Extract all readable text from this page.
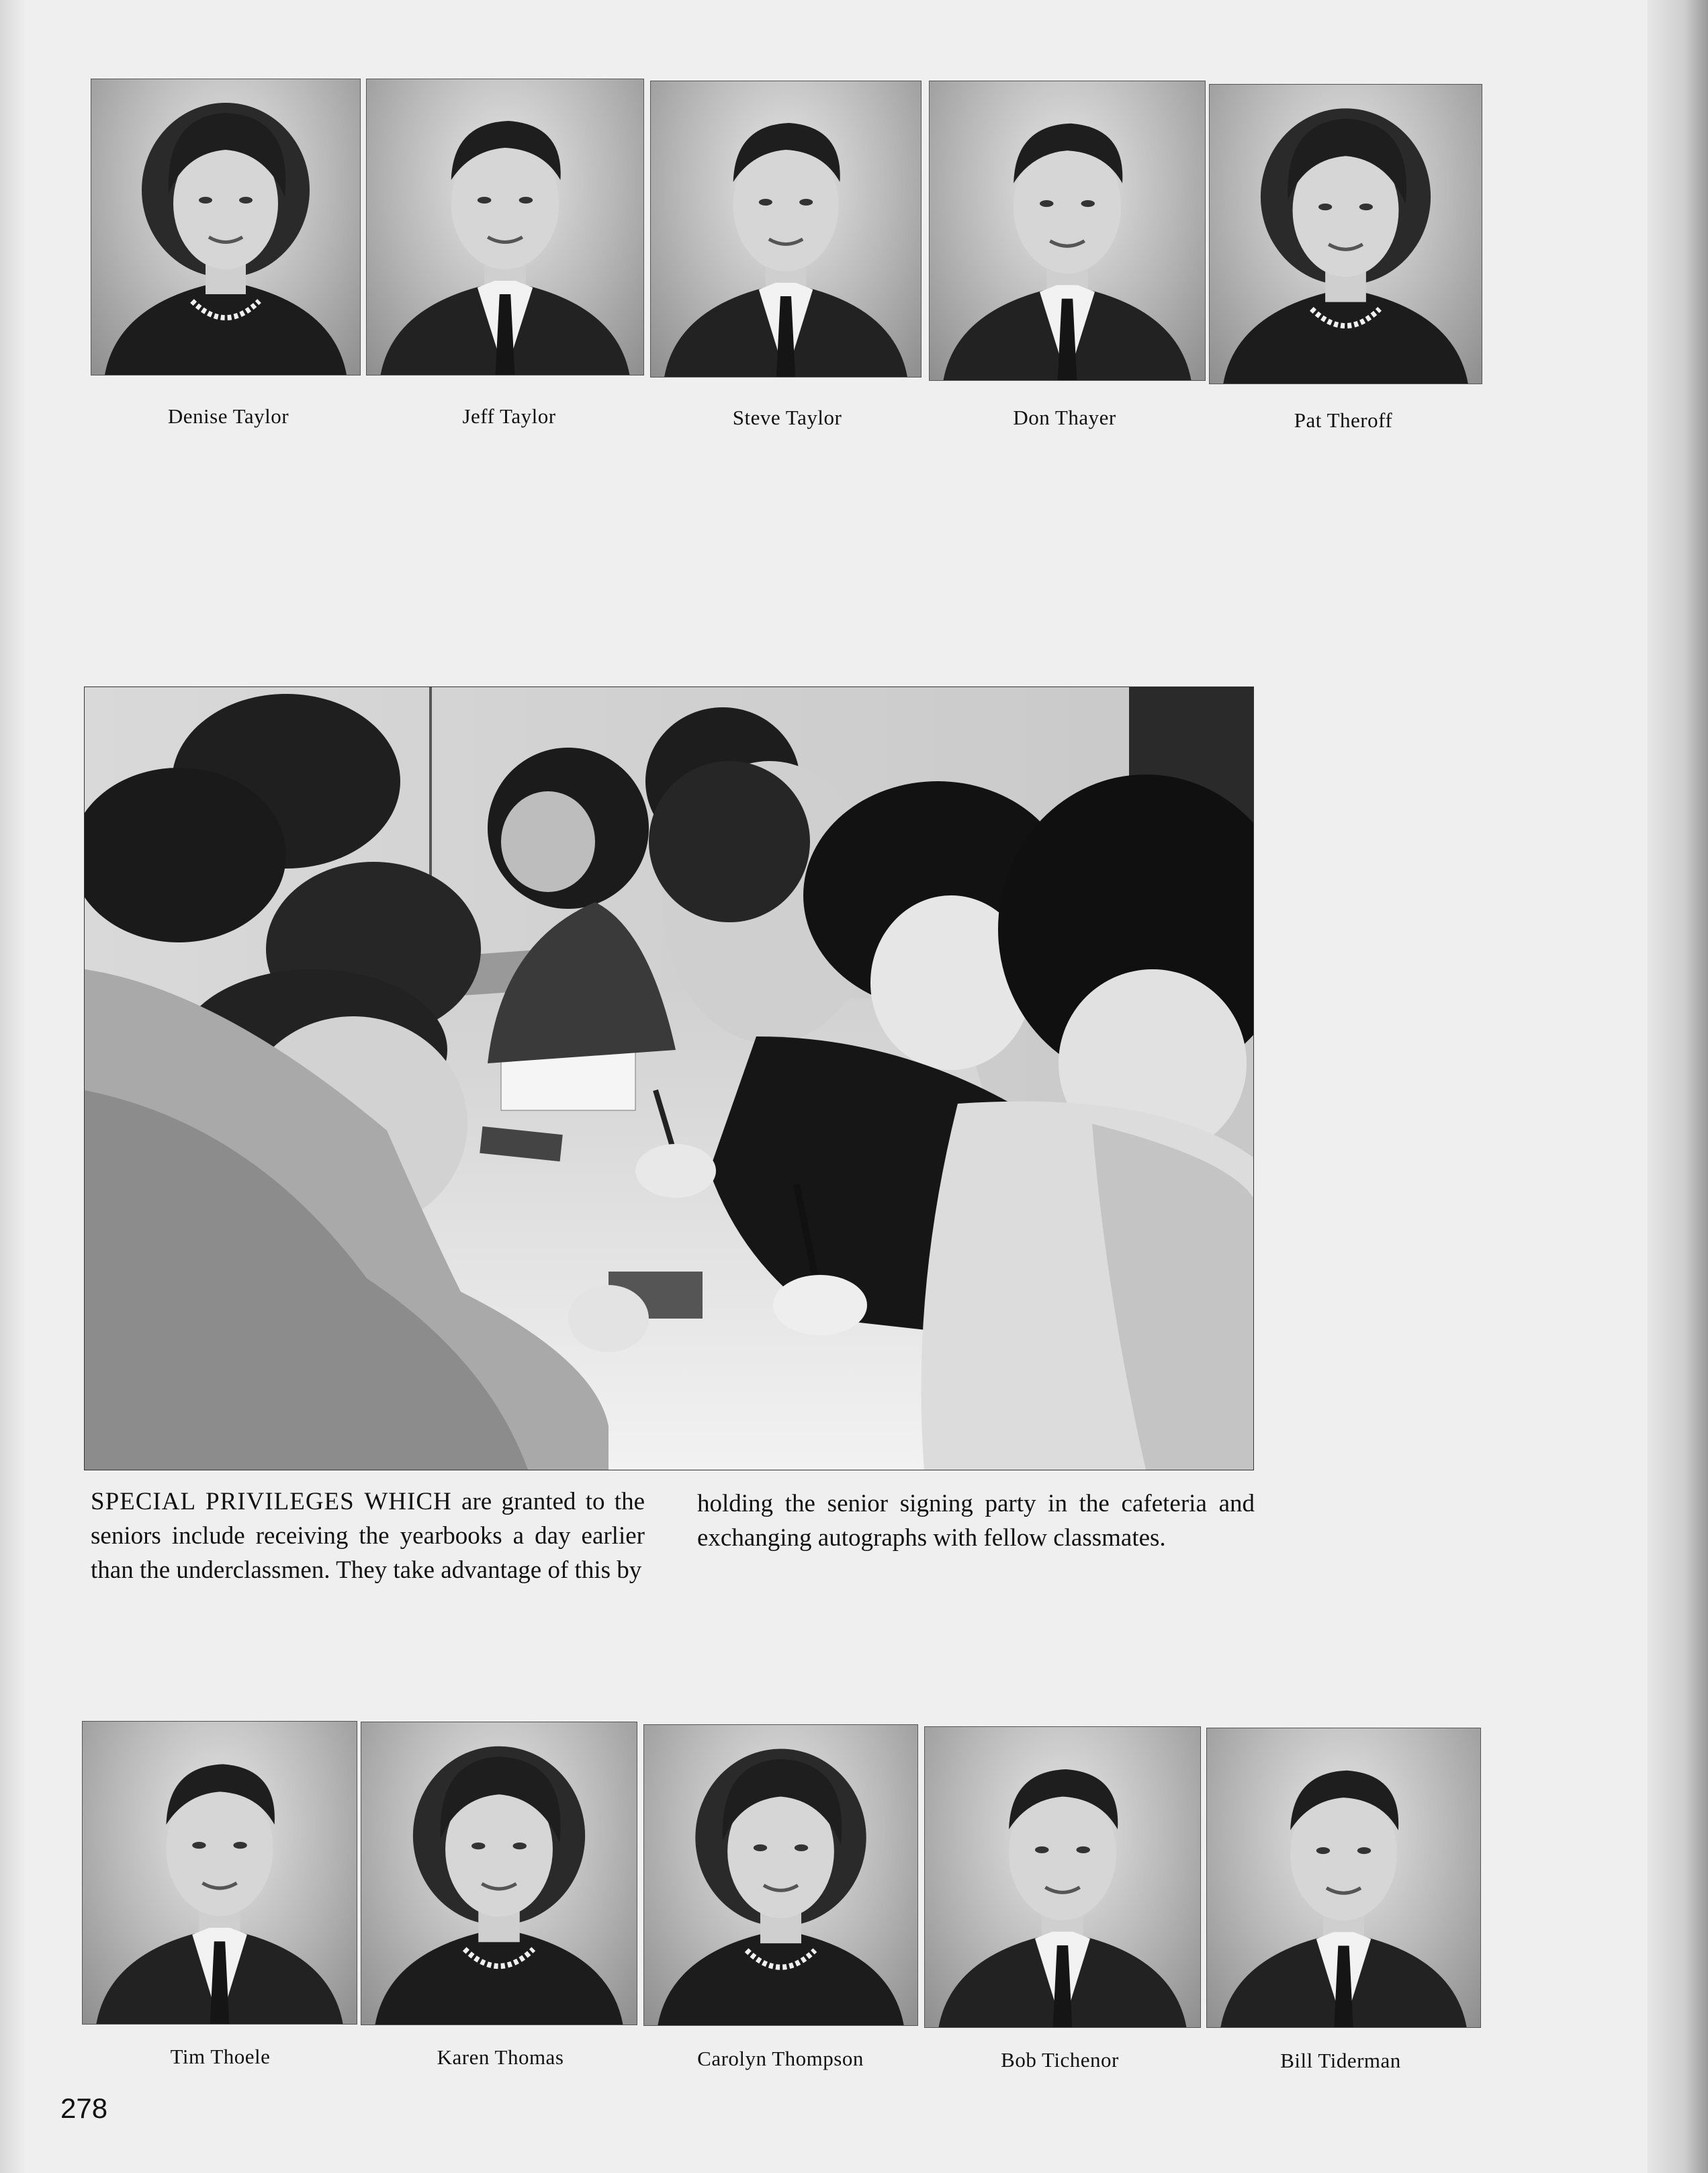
Denise Taylor	Jeff Taylor	Steve Taylor	Don Thayer	Pat Theroff
SPECIAL PRIVILEGES WHICH are granted to the seniors include receiving the yearbooks a day earlier than the underclassmen. They take advantage of this by
holding the senior signing party in the cafeteria and exchanging autographs with fellow classmates.
Tim Thoele	Karen Thomas	Carolyn Thompson	Bob Tichenor	Bill Tiderman
278
